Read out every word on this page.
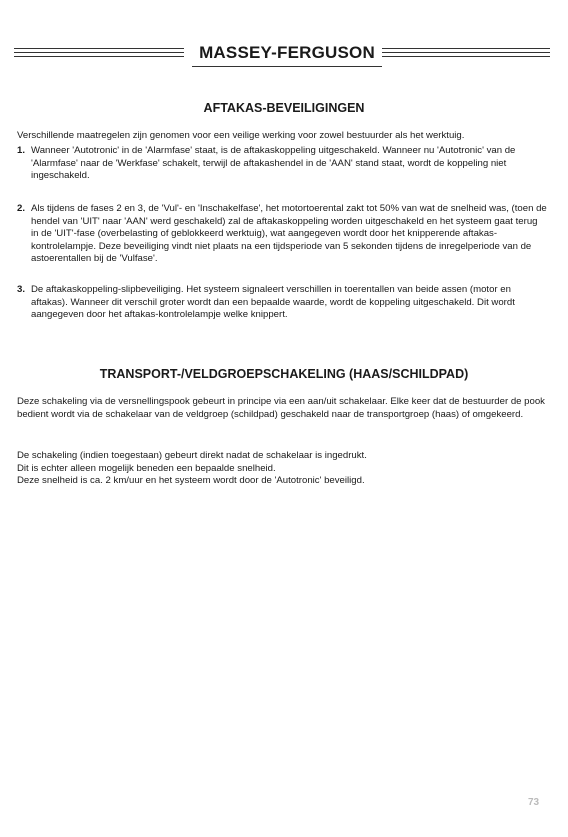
MASSEY-FERGUSON
AFTAKAS-BEVEILIGINGEN

Verschillende maatregelen zijn genomen voor een veilige werking voor zowel bestuurder als het werktuig.

1. Wanneer 'Autotronic' in de 'Alarmfase' staat, is de aftakaskoppeling uitgeschakeld. Wanneer nu 'Autotronic' van de 'Alarmfase' naar de 'Werkfase' schakelt, terwijl de aftakashendel in de 'AAN' stand staat, wordt de koppeling niet ingeschakeld.

2. Als tijdens de fases 2 en 3, de 'Vul'- en 'Inschakelfase', het motortoerental zakt tot 50% van wat de snelheid was, (toen de hendel van 'UIT' naar 'AAN' werd geschakeld) zal de aftakaskoppeling worden uitgeschakeld en het systeem gaat terug in de 'UIT'-fase (overbelasting of geblokkeerd werktuig), wat aangegeven wordt door het knipperende aftakas-kontrolelampje. Deze beveiliging vindt niet plaats na een tijdsperiode van 5 sekonden tijdens de inregelperiode van de astoerentallen bij de 'Vulfase'.

3. De aftakaskoppeling-slipbeveiliging. Het systeem signaleert verschillen in toerentallen van beide assen (motor en aftakas). Wanneer dit verschil groter wordt dan een bepaalde waarde, wordt de koppeling uitgeschakeld. Dit wordt aangegeven door het aftakas-kontrolelampje welke knippert.

TRANSPORT-/VELDGROEPSCHAKELING (HAAS/SCHILDPAD)

Deze schakeling via de versnellingspook gebeurt in principe via een aan/uit schakelaar. Elke keer dat de bestuurder de pook bedient wordt via de schakelaar van de veldgroep (schildpad) geschakeld naar de transportgroep (haas) of omgekeerd.

De schakeling (indien toegestaan) gebeurt direkt nadat de schakelaar is ingedrukt.

Dit is echter alleen mogelijk beneden een bepaalde snelheid.

Deze snelheid is ca. 2 km/uur en het systeem wordt door de 'Autotronic' beveiligd.

73
